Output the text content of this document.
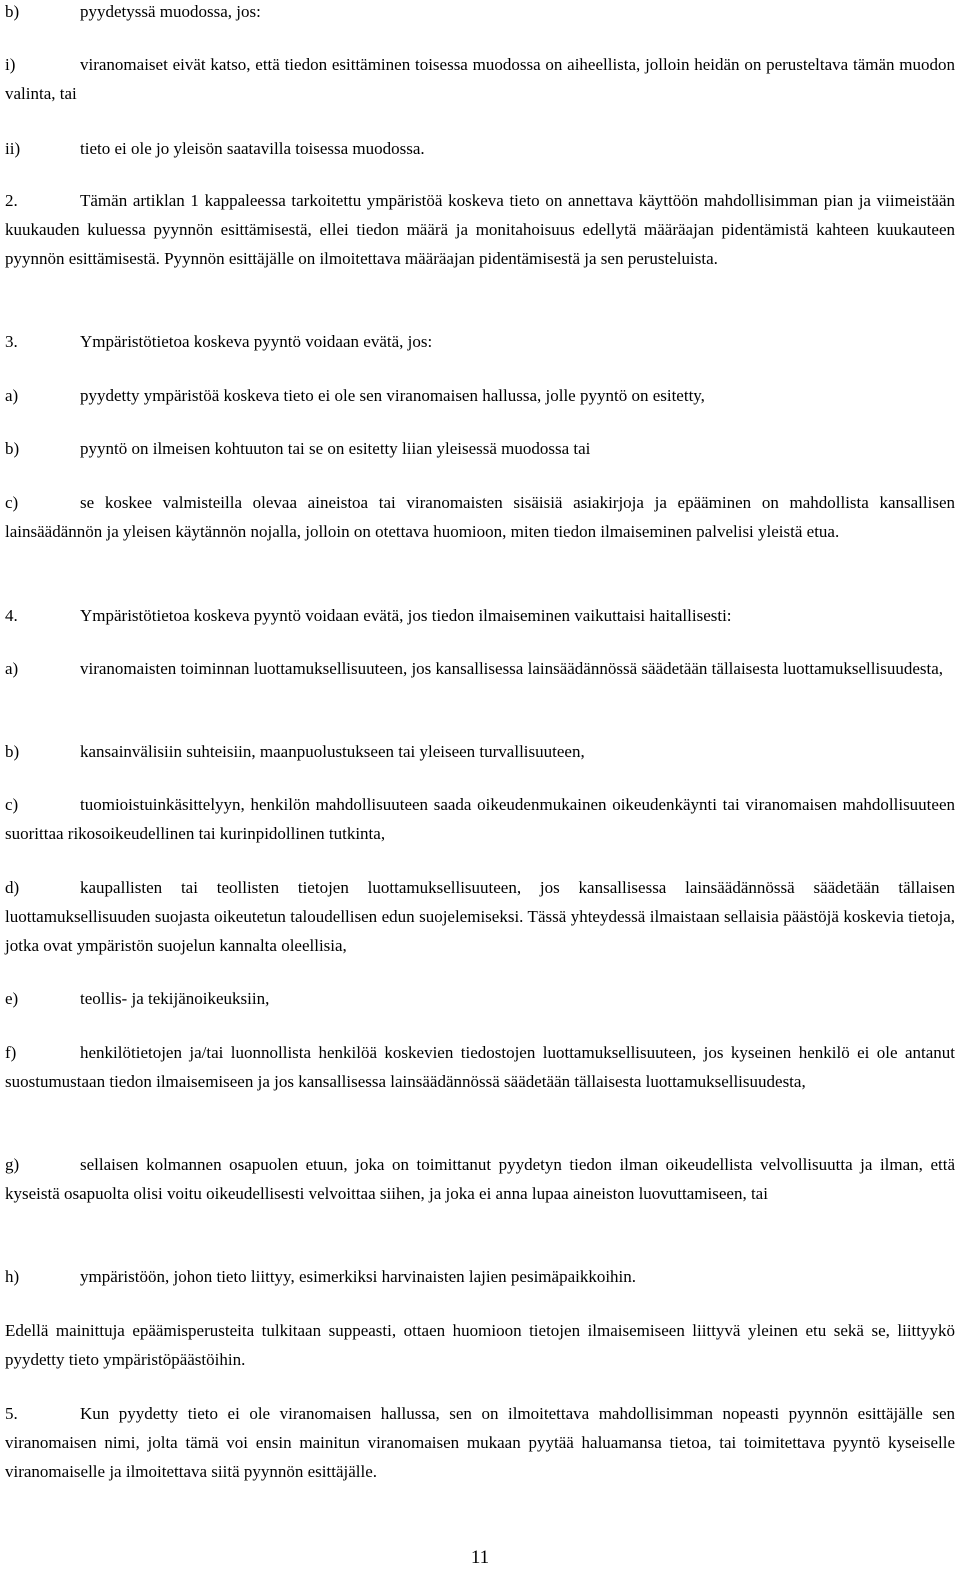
b)	pyydetyssä muodossa, jos:
i)	viranomaiset eivät katso, että tiedon esittäminen toisessa muodossa on aiheellista, jolloin heidän on perusteltava tämän muodon valinta, tai
ii)	tieto ei ole jo yleisön saatavilla toisessa muodossa.
2.	Tämän artiklan 1 kappaleessa tarkoitettu ympäristöä koskeva tieto on annettava käyttöön mahdollisimman pian ja viimeistään kuukauden kuluessa pyynnön esittämisestä, ellei tiedon määrä ja monitahoisuus edellytä määräajan pidentämistä kahteen kuukauteen pyynnön esittämisestä. Pyynnön esittäjälle on ilmoitettava määräajan pidentämisestä ja sen perusteluista.
3.	Ympäristötietoa koskeva pyyntö voidaan evätä, jos:
a)	pyydetty ympäristöä koskeva tieto ei ole sen viranomaisen hallussa, jolle pyyntö on esitetty,
b)	pyyntö on ilmeisen kohtuuton tai se on esitetty liian yleisessä muodossa tai
c)	se koskee valmisteilla olevaa aineistoa tai viranomaisten sisäisiä asiakirjoja ja epääminen on mahdollista kansallisen lainsäädännön ja yleisen käytännön nojalla, jolloin on otettava huomioon, miten tiedon ilmaiseminen palvelisi yleistä etua.
4.	Ympäristötietoa koskeva pyyntö voidaan evätä, jos tiedon ilmaiseminen vaikuttaisi haitallisesti:
a)	viranomaisten toiminnan luottamuksellisuuteen, jos kansallisessa lainsäädännössä säädetään tällaisesta luottamuksellisuudesta,
b)	kansainvälisiin suhteisiin, maanpuolustukseen tai yleiseen turvallisuuteen,
c)	tuomioistuinkäsittelyyn, henkilön mahdollisuuteen saada oikeudenmukainen oikeudenkäynti tai viranomaisen mahdollisuuteen suorittaa rikosoikeudellinen tai kurinpidollinen tutkinta,
d)	kaupallisten tai teollisten tietojen luottamuksellisuuteen, jos kansallisessa lainsäädännössä säädetään tällaisen luottamuksellisuuden suojasta oikeutetun taloudellisen edun suojelemiseksi. Tässä yhteydessä ilmaistaan sellaisia päästöjä koskevia tietoja, jotka ovat ympäristön suojelun kannalta oleellisia,
e)	teollis- ja tekijänoikeuksiin,
f)	henkilötietojen ja/tai luonnollista henkilöä koskevien tiedostojen luottamuksellisuuteen, jos kyseinen henkilö ei ole antanut suostumustaan tiedon ilmaisemiseen ja jos kansallisessa lainsäädännössä säädetään tällaisesta luottamuksellisuudesta,
g)	sellaisen kolmannen osapuolen etuun, joka on toimittanut pyydetyn tiedon ilman oikeudellista velvollisuutta ja ilman, että kyseistä osapuolta olisi voitu oikeudellisesti velvoittaa siihen, ja joka ei anna lupaa aineiston luovuttamiseen, tai
h)	ympäristöön, johon tieto liittyy, esimerkiksi harvinaisten lajien pesimäpaikkoihin.
Edellä mainittuja epäämisperusteita tulkitaan suppeasti, ottaen huomioon tietojen ilmaisemiseen liittyvä yleinen etu sekä se, liittyykö pyydetty tieto ympäristöpäästöihin.
5.	Kun pyydetty tieto ei ole viranomaisen hallussa, sen on ilmoitettava mahdollisimman nopeasti pyynnön esittäjälle sen viranomaisen nimi, jolta tämä voi ensin mainitun viranomaisen mukaan pyytää haluamansa tietoa, tai toimitettava pyyntö kyseiselle viranomaiselle ja ilmoitettava siitä pyynnön esittäjälle.
11
